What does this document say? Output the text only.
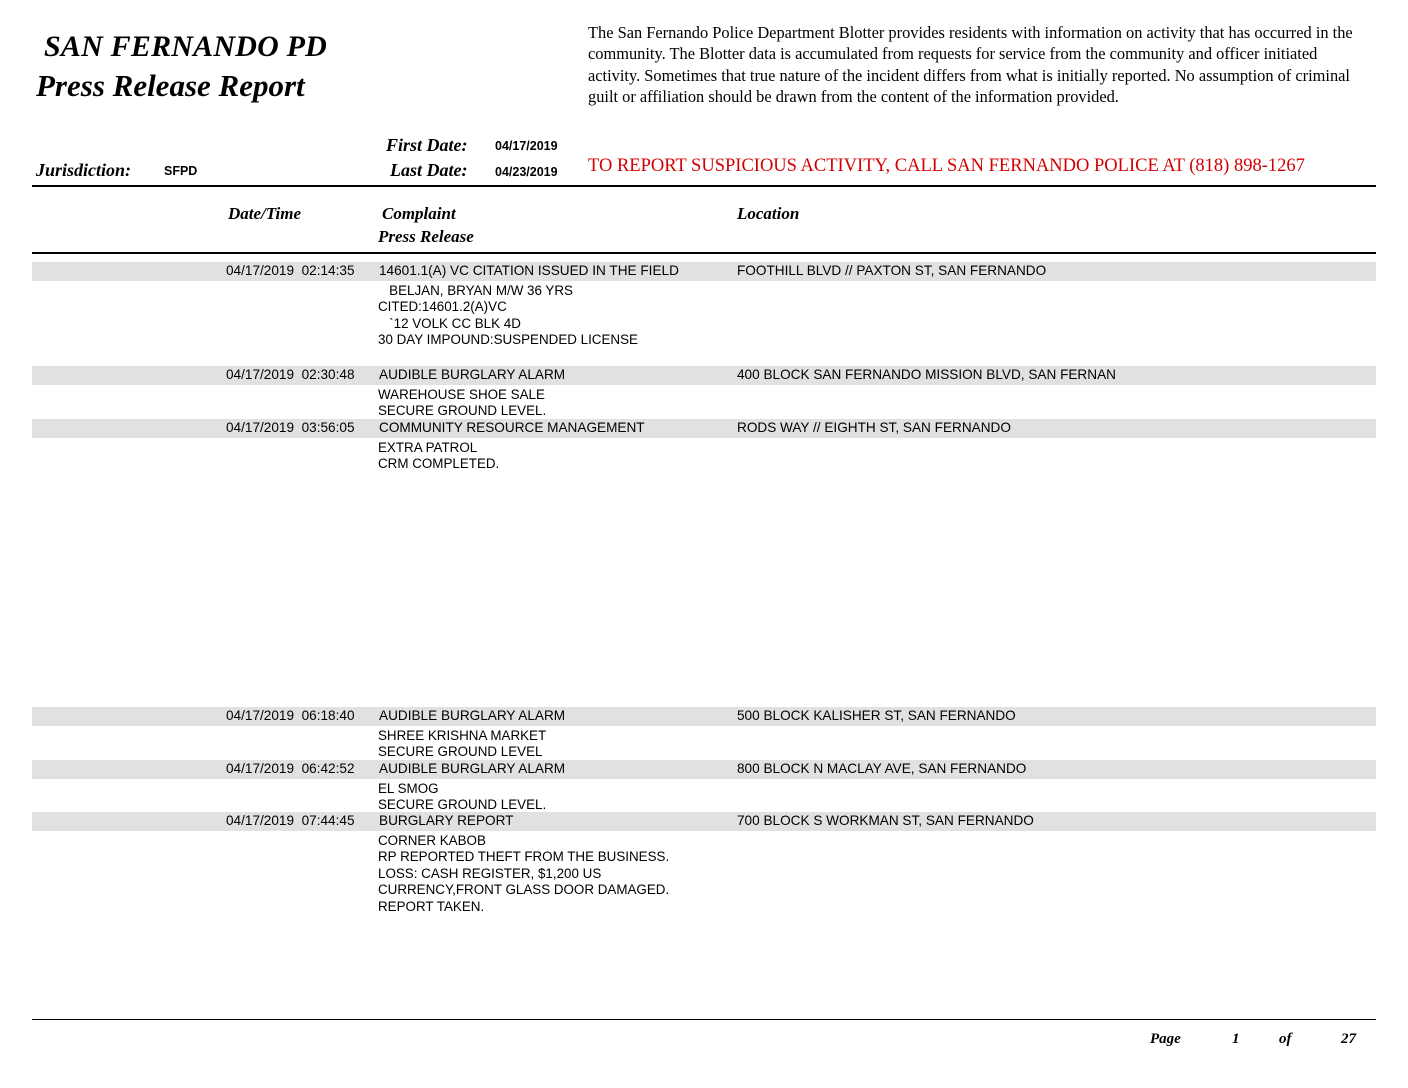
SAN FERNANDO PD
Press Release Report
The San Fernando Police Department Blotter provides residents with information on activity that has occurred in the community. The Blotter data is accumulated from requests for service from the community and officer initiated activity. Sometimes that true nature of the incident differs from what is initially reported. No assumption of criminal guilt or affiliation should be drawn from the content of the information provided.
Jurisdiction:	SFPD
First Date: 04/17/2019
Last Date: 04/23/2019 TO REPORT SUSPICIOUS ACTIVITY, CALL SAN FERNANDO POLICE AT (818) 898-1267
Date/Time	Complaint
Press Release
Location
04/17/2019  02:14:35 14601.1(A) VC CITATION ISSUED IN THE FIELD	FOOTHILL BLVD // PAXTON ST, SAN FERNANDO
BELJAN, BRYAN M/W 36 YRS
CITED:14601.2(A)VC
`12 VOLK CC BLK 4D
30 DAY IMPOUND:SUSPENDED LICENSE
04/17/2019  02:30:48 AUDIBLE BURGLARY ALARM	400 BLOCK SAN FERNANDO MISSION BLVD, SAN FERNAN
WAREHOUSE SHOE SALE
SECURE GROUND LEVEL.
04/17/2019  03:56:05 COMMUNITY RESOURCE MANAGEMENT	RODS WAY // EIGHTH ST, SAN FERNANDO
EXTRA PATROL
CRM COMPLETED.
04/17/2019  06:18:40 AUDIBLE BURGLARY ALARM	500 BLOCK KALISHER ST, SAN FERNANDO
SHREE KRISHNA MARKET
SECURE GROUND LEVEL
04/17/2019  06:42:52 AUDIBLE BURGLARY ALARM	800 BLOCK N MACLAY AVE, SAN FERNANDO
EL SMOG
SECURE GROUND LEVEL.
04/17/2019  07:44:45 BURGLARY REPORT	700 BLOCK S WORKMAN ST, SAN FERNANDO
CORNER KABOB
RP REPORTED THEFT FROM THE BUSINESS.
LOSS: CASH REGISTER, $1,200 US
CURRENCY,FRONT GLASS DOOR DAMAGED.
REPORT TAKEN.
Page	1	of	27
